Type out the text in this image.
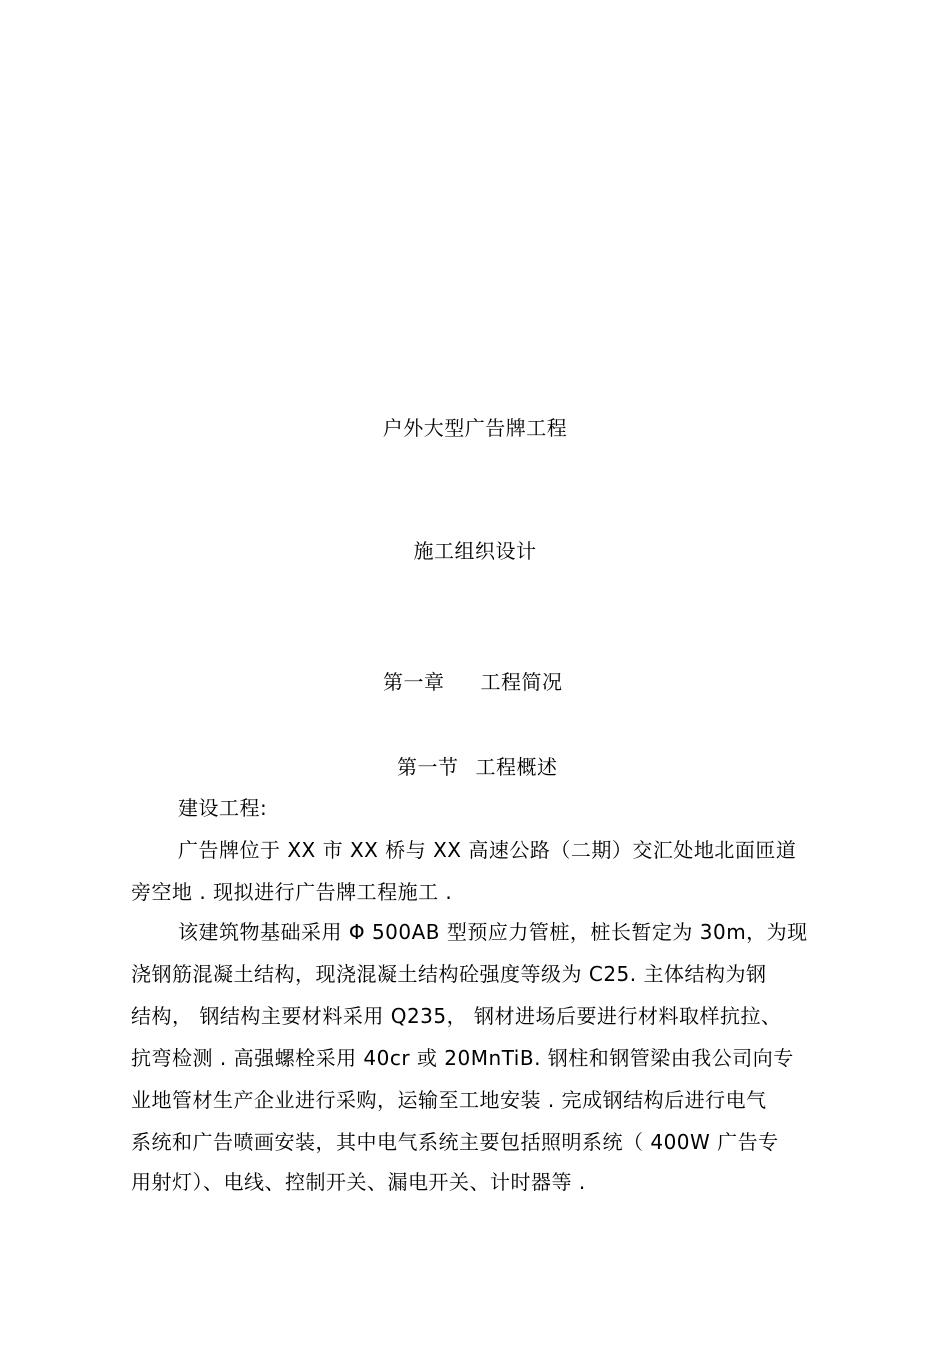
户外大型广告牌工程
施工组织设计
第一章 工程简况
第一节 工程概述
建设工程:
广告牌位于 XX 市 XX 桥与 XX 高速公路（二期）交汇处地北面匝道
旁空地 . 现拟进行广告牌工程施工 .
该建筑物基础采用 Φ 500AB 型预应力管桩，桩长暂定为 30m，为现
浇钢筋混凝土结构，现浇混凝土结构砼强度等级为 C25. 主体结构为钢
结构， 钢结构主要材料采用 Q235， 钢材进场后要进行材料取样抗拉、
抗弯检测 . 高强螺栓采用 40cr 或 20MnTiB. 钢柱和钢管梁由我公司向专
业地管材生产企业进行采购，运输至工地安装 . 完成钢结构后进行电气
系统和广告喷画安装，其中电气系统主要包括照明系统（ 400W 广告专
用射灯）、电线、控制开关、漏电开关、计时器等 .
